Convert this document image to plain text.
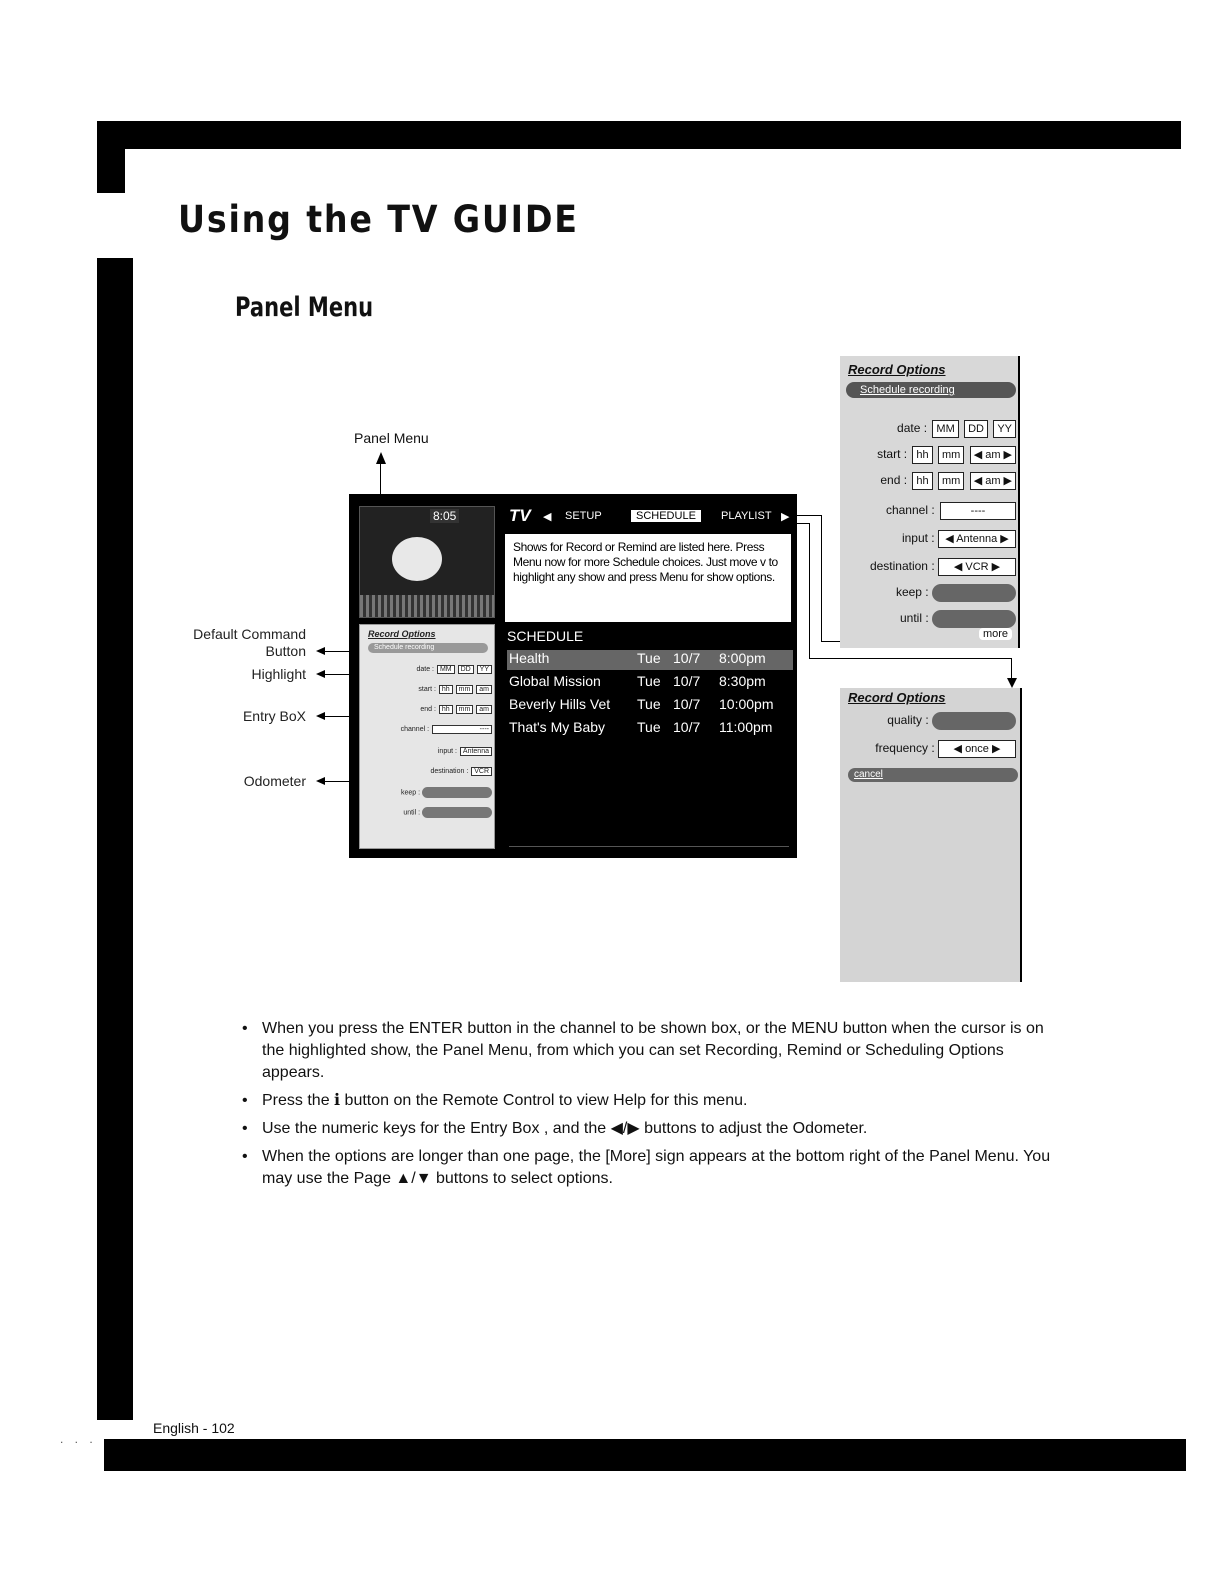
. . .
Using the TV GUIDE
Panel Menu
Panel Menu
Default Command
Button
Highlight
Entry BoX
Odometer
8:05
Record Options
Schedule recording
date : MM DD YY
start : hh mm am
end : hh mm am
channel :	----
input : Antenna
destination : VCR
keep :
until :
TV ◀ SETUP	SCHEDULE	PLAYLIST ▶
Shows for Record or Remind are listed here. Press Menu now for more Schedule choices. Just move v to highlight any show and press Menu for show options.
SCHEDULE
Health	Tue 10/7 8:00pm
Global Mission	Tue 10/7 8:30pm
Beverly Hills Vet Tue 10/7 10:00pm
That's My Baby Tue 10/7 11:00pm
Record Options
Schedule recording
date : MM DD YY
start : hh mm ◀ am ▶
end : hh mm ◀ am ▶
channel :	----
input : ◀ Antenna ▶
destination : ◀ VCR ▶
keep :
until :
more
Record Options
quality :
frequency : ◀ once ▶
cancel
• When you press the ENTER button in the channel to be shown box, or the MENU button when the cursor is on the highlighted show, the Panel Menu, from which you can set Recording, Remind or Scheduling Options appears.
• Press the ℹ button on the Remote Control to view Help for this menu.
• Use the numeric keys for the Entry Box , and the ◀/▶ buttons to adjust the Odometer.
• When the options are longer than one page, the [More] sign appears at the bottom right of the Panel Menu. You may use the Page ▲/▼ buttons to select options.
English - 102
